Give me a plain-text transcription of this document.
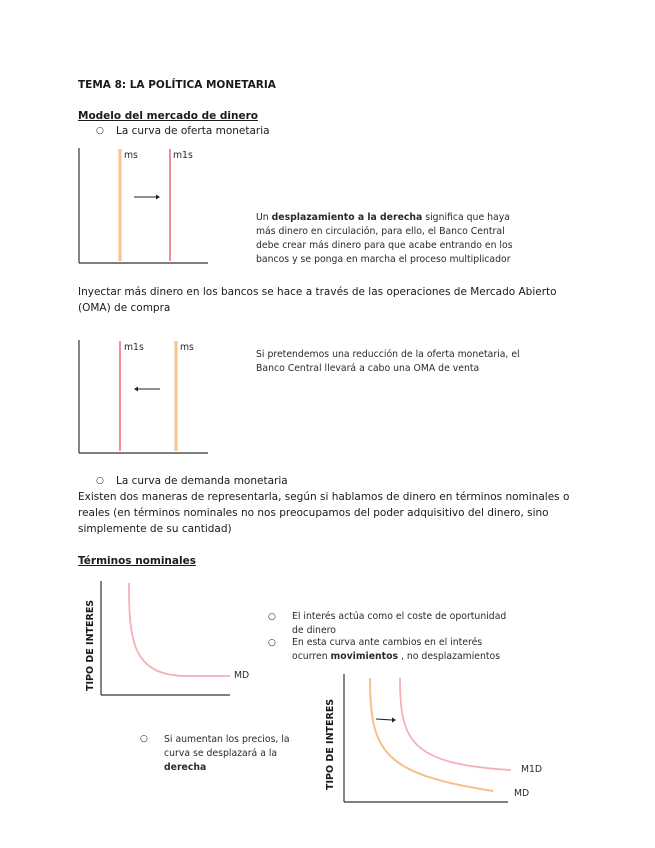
TEMA 8: LA POLÍTICA MONETARIA
Modelo del mercado de dinero
○ La curva de oferta monetaria
ms	m1s
Un desplazamiento a la derecha significa que haya
más dinero en circulación, para ello, el Banco Central
debe crear más dinero para que acabe entrando en los
bancos y se ponga en marcha el proceso multiplicador
Inyectar más dinero en los bancos se hace a través de las operaciones de Mercado Abierto
(OMA) de compra
m1s	ms
Si pretendemos una reducción de la oferta monetaria, el
Banco Central llevará a cabo una OMA de venta
○ La curva de demanda monetaria
Existen dos maneras de representarla, según si hablamos de dinero en términos nominales o
reales (en términos nominales no nos preocupamos del poder adquisitivo del dinero, sino
simplemente de su cantidad)
Términos nominales
TIPO DE INTERES	MD
○ El interés actúa como el coste de oportunidad
de dinero
○ En esta curva ante cambios en el interés
ocurren movimientos , no desplazamientos
○ Si aumentan los precios, la
curva se desplazará a la
derecha	TIPO DE INTERES	M1D
MD
